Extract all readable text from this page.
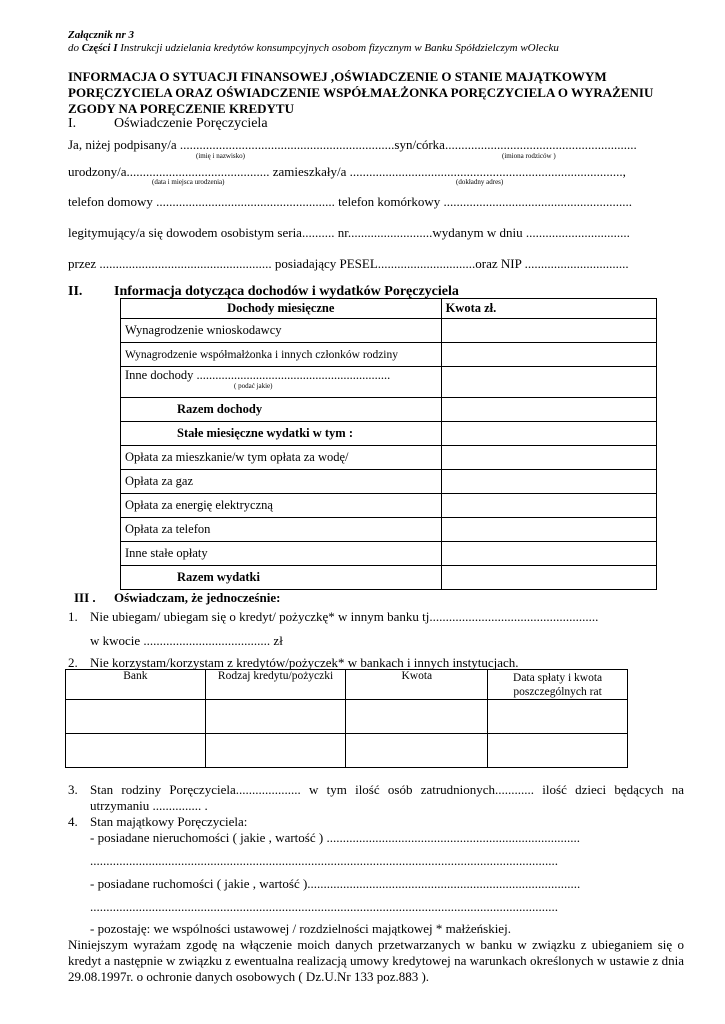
Załącznik nr 3
do Części I Instrukcji udzielania kredytów konsumpcyjnych osobom fizycznym w Banku Spółdzielczym wOlecku
INFORMACJA O SYTUACJI FINANSOWEJ ,OŚWIADCZENIE O STANIE MAJĄTKOWYM
PORĘCZYCIELA ORAZ OŚWIADCZENIE WSPÓŁMAŁŻONKA PORĘCZYCIELA O WYRAŻENIU
ZGODY NA PORĘCZENIE KREDYTU
I.	Oświadczenie Poręczyciela
Ja, niżej podpisany/a ..................................................................syn/córka...........................................................
(imię i nazwisko)	(imiona rodziców )
urodzony/a............................................ zamieszkały/a ....................................................................................,
(data i miejsca urodzenia)	(dokładny adres)
telefon domowy ....................................................... telefon komórkowy ..........................................................
legitymujący/a się dowodem osobistym seria.......... nr..........................wydanym w dniu ................................
przez ..................................................... posiadający PESEL..............................oraz NIP ................................
II. Informacja dotycząca dochodów i wydatków Poręczyciela
Dochody miesięczne	Kwota zł.
Wynagrodzenie wnioskodawcy	
Wynagrodzenie współmałżonka i innych członków rodziny	

Inne dochody ..............................................................
( podać jakie)	

Razem dochody	
Stałe miesięczne wydatki w tym :	
Opłata za mieszkanie/w tym opłata za wodę/	
Opłata za gaz	
Opłata za energię elektryczną	
Opłata za telefon	
Inne stałe opłaty	
Razem wydatki	
III . Oświadczam, że jednocześnie:
1. Nie ubiegam/ ubiegam się o kredyt/ pożyczkę* w innym banku tj....................................................
w kwocie ....................................... zł
2. Nie korzystam/korzystam z kredytów/pożyczek* w bankach i innych instytucjach.
Bank	Rodzaj kredytu/pożyczki	Kwota	Data spłaty i kwota poszczególnych rat

3. Stan rodziny Poręczyciela.................... w tym ilość osób zatrudnionych............ ilość dzieci będących na utrzymaniu ............... .
4. Stan majątkowy Poręczyciela:
- posiadane nieruchomości ( jakie , wartość ) ..............................................................................
................................................................................................................................................
- posiadane ruchomości ( jakie , wartość )....................................................................................
................................................................................................................................................
- pozostaję: we wspólności ustawowej / rozdzielności majątkowej * małżeńskiej.
Niniejszym wyrażam zgodę na włączenie moich danych przetwarzanych w banku w związku z ubieganiem się o kredyt a następnie w związku z ewentualna realizacją umowy kredytowej na warunkach określonych w ustawie z dnia 29.08.1997r. o ochronie danych osobowych ( Dz.U.Nr 133 poz.883 ).
